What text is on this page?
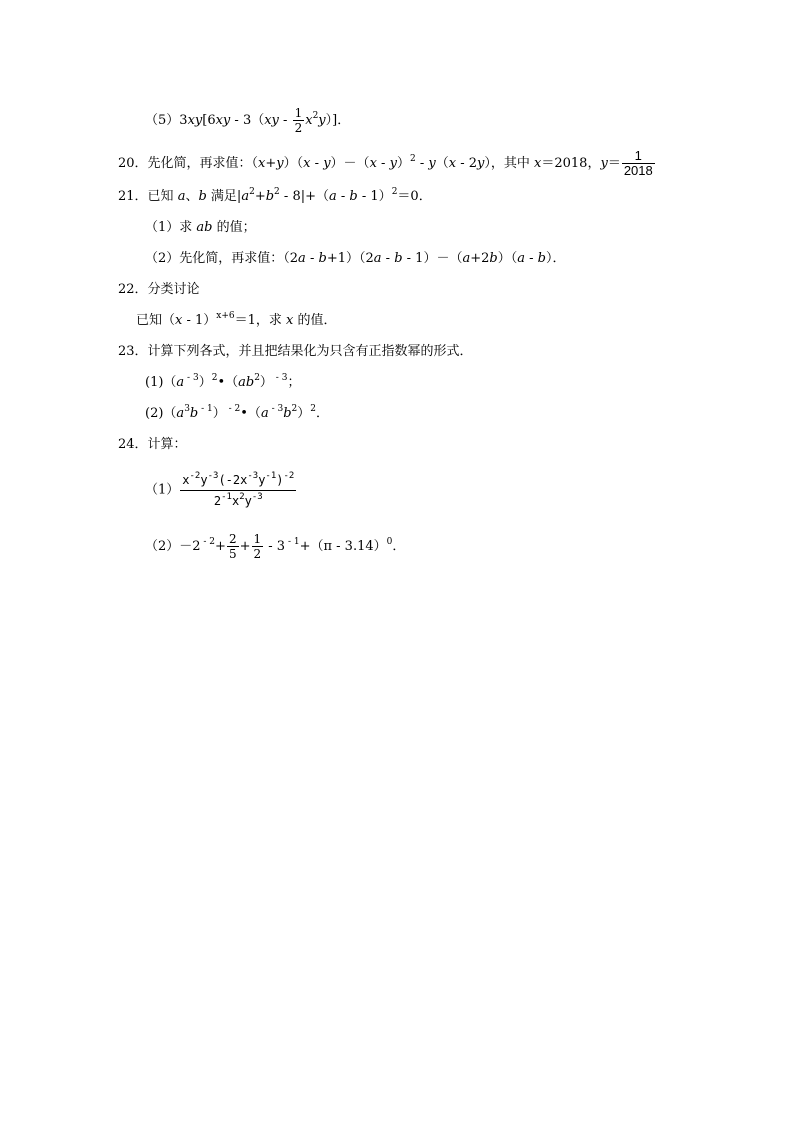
$(5)3xy[6xy - 3(xy - \frac{1}{2} x^2y)]$．
20．先化简，再求值：（x+y）（x - y）－（x - y）$^2$ - y（x - 2y），其中 x＝2018，$y= \frac{1}{2018}$
21．已知 a、b 满足$|a^2+b^2 - 8|+(a - b - 1)^2=0$．
（1）求 ab 的值；
（2）先化简，再求值：（2a - b+1）（2a - b - 1）－（a+2b）（a - b）．
22．分类讨论
已知（x - 1）$^{x+6}$＝1，求 x 的值．
23．计算下列各式，并且把结果化为只含有正指数幂的形式．
(1)（a $^{- 3})^2•(ab^2)$ $^{- 3}$；
$(2)(a^3b$ $^{- 1}$） $^{- 2}$•（a $^{- 3}b^2)^2$．
24．计算：
$(1) \frac{x^{-2}y^{-3}(-2x^{-3}y^{-1})^{-2}}{2^{-1}x^2y^{-3}}$
（2）－2 $^{- 2}+ \frac{2}{5} + \frac{1}{2} - 3$ $^{- 1}$+（π - 3.14）$^0$．
